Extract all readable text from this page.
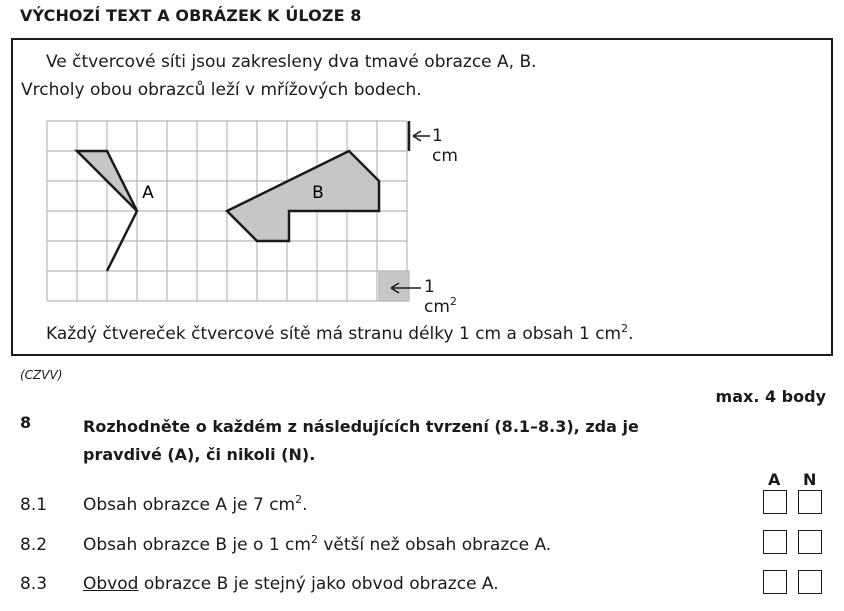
VÝCHOZÍ TEXT A OBRÁZEK K ÚLOZE 8
Ve čtvercové síti jsou zakresleny dva tmavé obrazce A, B.
Vrcholy obou obrazců leží v mřížových bodech.
A	B
1 cm
1 $cm^2$
Každý čtvereček čtvercové sítě má stranu délky 1 cm a obsah 1 $cm^2$.
(CZVV)
max. 4 body
8	Rozhodněte o každém z následujících tvrzení (8.1–8.3), zda je pravdivé (A), či nikoli (N).
A N
8.1 Obsah obrazce A je 7 $cm^2$.
8.2 Obsah obrazce B je o 1 $cm^2$ větší než obsah obrazce A.
8.3 Obvod obrazce B je stejný jako obvod obrazce A.
